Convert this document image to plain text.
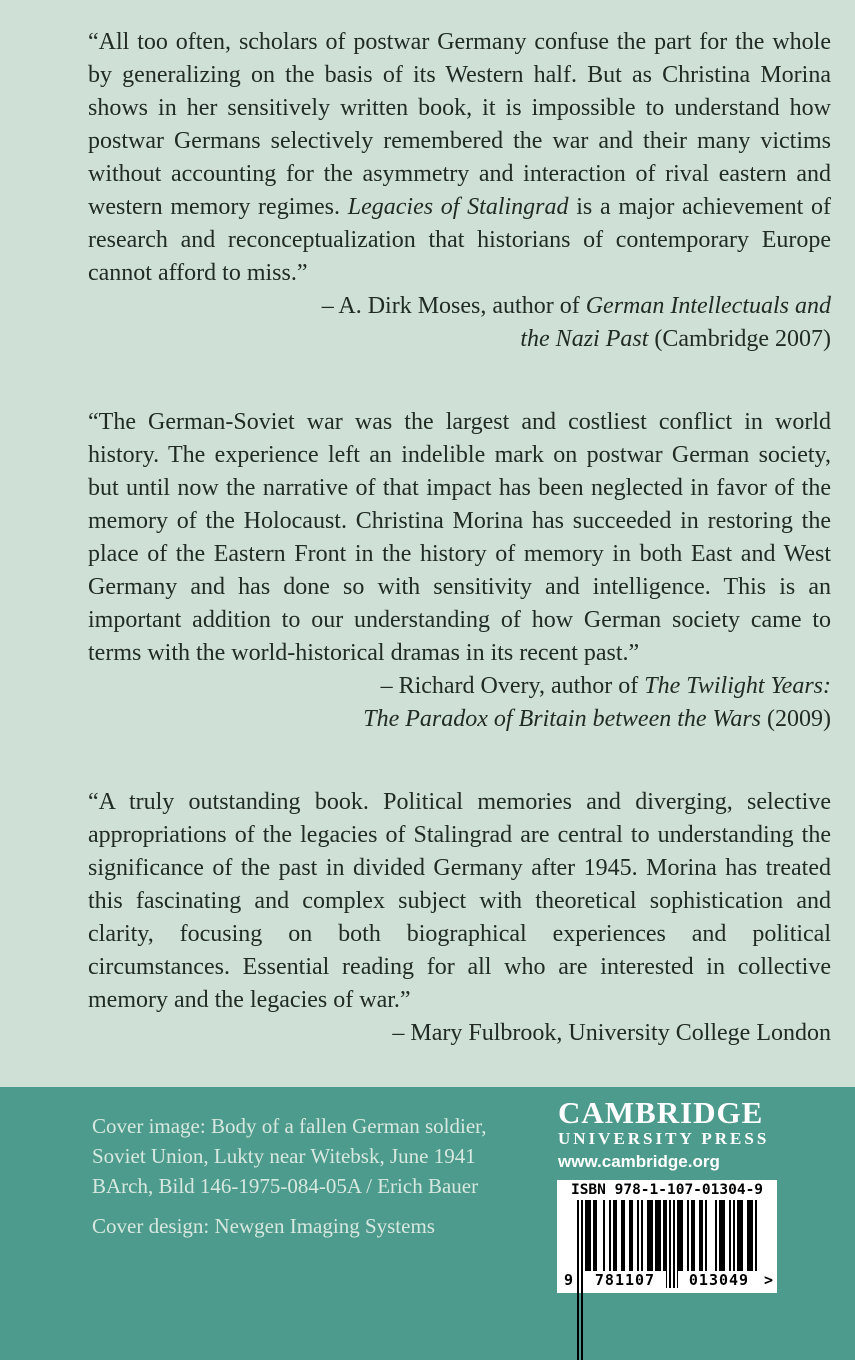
“All too often, scholars of postwar Germany confuse the part for the whole by generalizing on the basis of its Western half. But as Christina Morina shows in her sensitively written book, it is impossible to understand how postwar Germans selectively remembered the war and their many victims without accounting for the asymmetry and interaction of rival eastern and western memory regimes. Legacies of Stalingrad is a major achievement of research and reconceptualization that historians of contemporary Europe cannot afford to miss.”

– A. Dirk Moses, author of German Intellectuals and
the Nazi Past (Cambridge 2007)

“The German-Soviet war was the largest and costliest conflict in world history. The experience left an indelible mark on postwar German society, but until now the narrative of that impact has been neglected in favor of the memory of the Holocaust. Christina Morina has succeeded in restoring the place of the Eastern Front in the history of memory in both East and West Germany and has done so with sensitivity and intelligence. This is an important addition to our understanding of how German society came to terms with the world-historical dramas in its recent past.”

– Richard Overy, author of The Twilight Years:
The Paradox of Britain between the Wars (2009)

“A truly outstanding book. Political memories and diverging, selective appropriations of the legacies of Stalingrad are central to understanding the significance of the past in divided Germany after 1945. Morina has treated this fascinating and complex subject with theoretical sophistication and clarity, focusing on both biographical experiences and political circumstances. Essential reading for all who are interested in collective memory and the legacies of war.”

– Mary Fulbrook, University College London
Cover image: Body of a fallen German soldier,
Soviet Union, Lukty near Witebsk, June 1941
BArch, Bild 146-1975-084-05A / Erich Bauer
Cover design: Newgen Imaging Systems
CAMBRIDGE
UNIVERSITY PRESS
www.cambridge.org
ISBN 978-1-107-01304-9
9	781107	013049 >
